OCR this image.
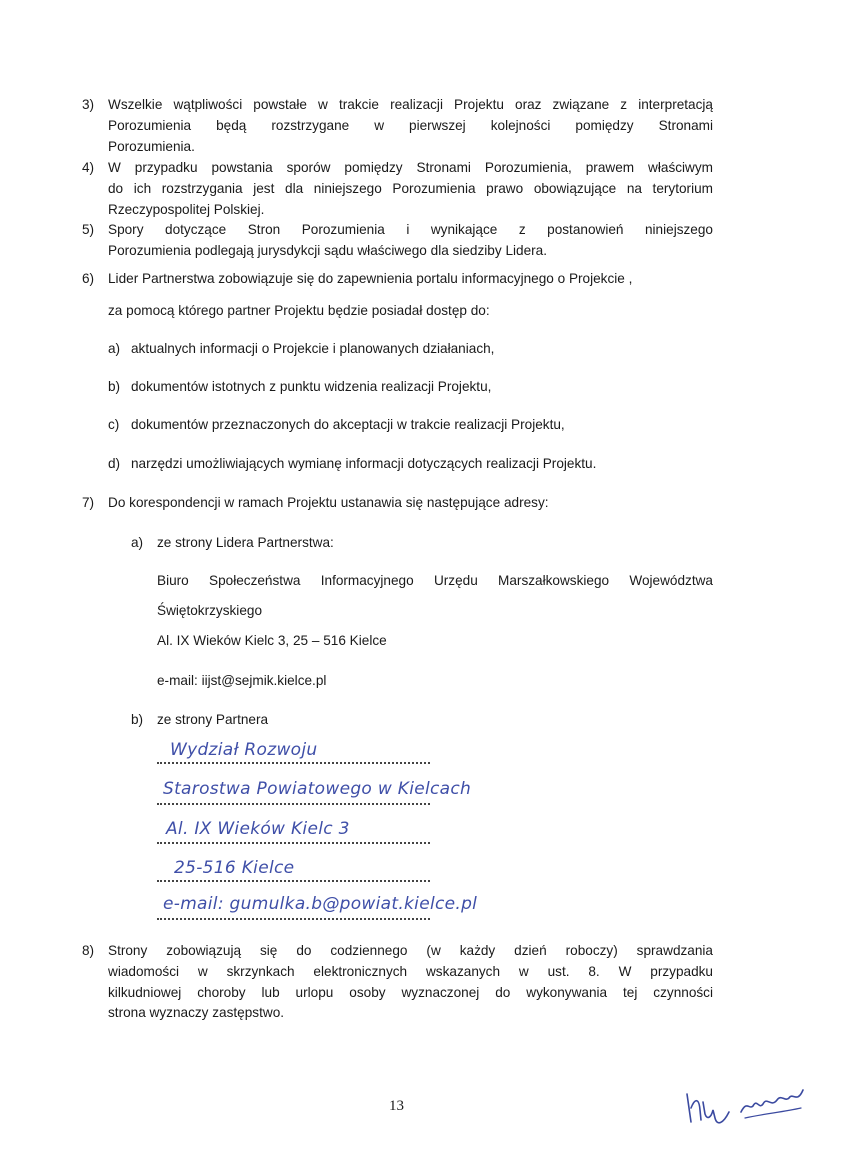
3) Wszelkie wątpliwości powstałe w trakcie realizacji Projektu oraz związane z interpretacją
Porozumienia będą rozstrzygane w pierwszej kolejności pomiędzy Stronami
Porozumienia.
4) W przypadku powstania sporów pomiędzy Stronami Porozumienia, prawem właściwym
do ich rozstrzygania jest dla niniejszego Porozumienia prawo obowiązujące na terytorium
Rzeczypospolitej Polskiej.
5) Spory dotyczące Stron Porozumienia i wynikające z postanowień niniejszego
Porozumienia podlegają jurysdykcji sądu właściwego dla siedziby Lidera.
6) Lider Partnerstwa zobowiązuje się do zapewnienia portalu informacyjnego o Projekcie ,
za pomocą którego partner Projektu będzie posiadał dostęp do:
a) aktualnych informacji o Projekcie i planowanych działaniach,
b) dokumentów istotnych z punktu widzenia realizacji Projektu,
c) dokumentów przeznaczonych do akceptacji w trakcie realizacji Projektu,
d) narzędzi umożliwiających wymianę informacji dotyczących realizacji Projektu.
7) Do korespondencji w ramach Projektu ustanawia się następujące adresy:
a) ze strony Lidera Partnerstwa:
Biuro Społeczeństwa Informacyjnego Urzędu Marszałkowskiego Województwa
Świętokrzyskiego
Al. IX Wieków Kielc 3, 25 – 516 Kielce
e-mail: iijst@sejmik.kielce.pl
b) ze strony Partnera
Wydział Rozwoju
Starostwa Powiatowego w Kielcach
Al. IX Wieków Kielc 3
25-516 Kielce
e-mail: gumulka.b@powiat.kielce.pl
8) Strony zobowiązują się do codziennego (w każdy dzień roboczy) sprawdzania
wiadomości w skrzynkach elektronicznych wskazanych w ust. 8. W przypadku
kilkudniowej choroby lub urlopu osoby wyznaczonej do wykonywania tej czynności
strona wyznaczy zastępstwo.
13
